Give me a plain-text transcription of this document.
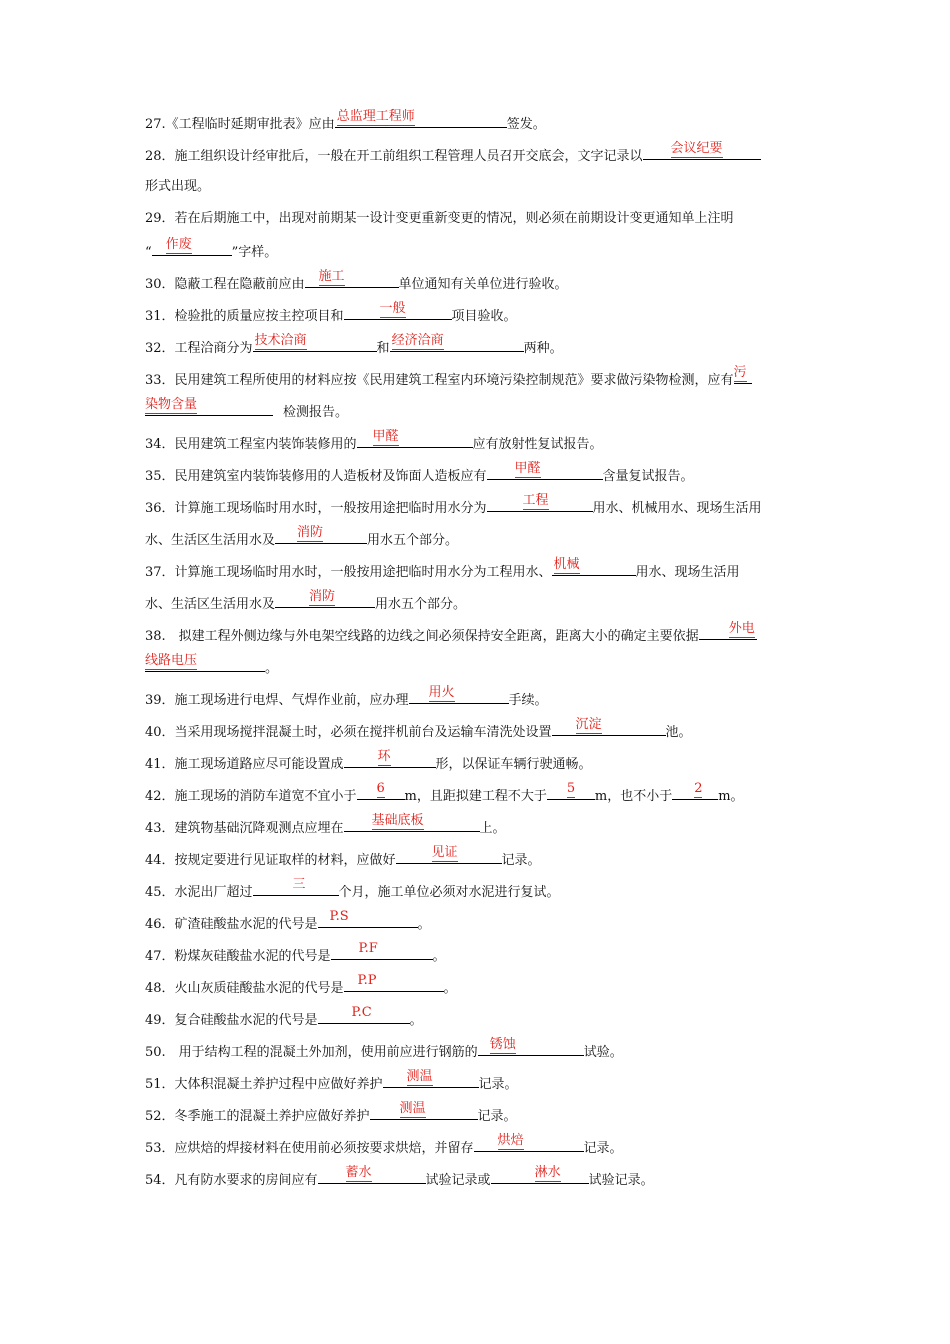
27.《工程临时延期审批表》应由
总监理工程师
签发。
28．施工组织设计经审批后，一般在开工前组织工程管理人员召开交底会，文字记录以
会议纪要
形式出现。
29．若在后期施工中，出现对前期某一设计变更重新变更的情况，则必须在前期设计变更通知单上注明
“
作废
”字样。
30．隐蔽工程在隐蔽前应由
施工
单位通知有关单位进行验收。
31．检验批的质量应按主控项目和
一般
项目验收。
32．工程洽商分为
技术洽商
和
经济洽商
两种。
33．民用建筑工程所使用的材料应按《民用建筑工程室内环境污染控制规范》要求做污染物检测，应有
污
染物含量
检测报告。
34．民用建筑工程室内装饰装修用的
甲醛
应有放射性复试报告。
35．民用建筑室内装饰装修用的人造板材及饰面人造板应有
甲醛
含量复试报告。
36．计算施工现场临时用水时，一般按用途把临时用水分为
工程
用水、机械用水、现场生活用
水、生活区生活用水及
消防
用水五个部分。
37．计算施工现场临时用水时，一般按用途把临时用水分为工程用水、
机械
用水、现场生活用
水、生活区生活用水及
消防
用水五个部分。
38.　拟建工程外侧边缘与外电架空线路的边线之间必须保持安全距离，距离大小的确定主要依据
外电
线路电压
。
39．施工现场进行电焊、气焊作业前，应办理
用火
手续。
40．当采用现场搅拌混凝土时，必须在搅拌机前台及运输车清洗处设置
沉淀
池。
41．施工现场道路应尽可能设置成
环
形，以保证车辆行驶通畅。
42．施工现场的消防车道宽不宜小于
6
m，且距拟建工程不大于
5
m，也不小于
2
m。
43．建筑物基础沉降观测点应埋在
基础底板
上。
44．按规定要进行见证取样的材料，应做好
见证
记录。
45．水泥出厂超过
三
个月，施工单位必须对水泥进行复试。
46．矿渣硅酸盐水泥的代号是
P.S
。
47．粉煤灰硅酸盐水泥的代号是
P.F
。
48．火山灰质硅酸盐水泥的代号是
P.P
。
49．复合硅酸盐水泥的代号是
P.C
。
50.　用于结构工程的混凝土外加剂，使用前应进行钢筋的
锈蚀
试验。
51．大体积混凝土养护过程中应做好养护
测温
记录。
52．冬季施工的混凝土养护应做好养护
测温
记录。
53．应烘焙的焊接材料在使用前必须按要求烘焙，并留存
烘焙
记录。
54．凡有防水要求的房间应有
蓄水
试验记录或
淋水
试验记录。
